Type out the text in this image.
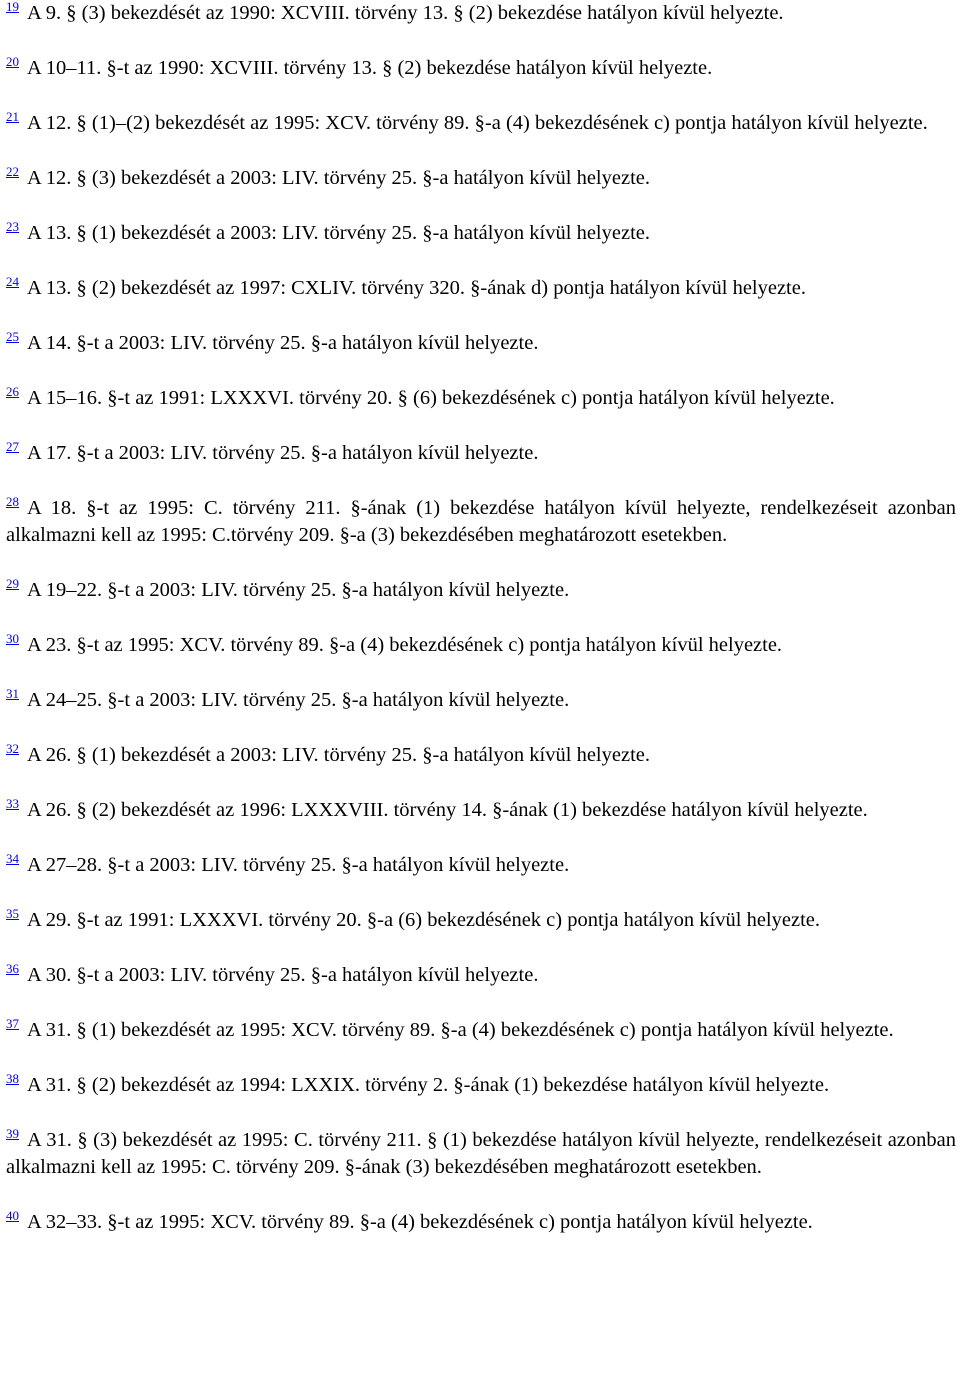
$^{19}$ A 9. § (3) bekezdését az 1990: XCVIII. törvény 13. § (2) bekezdése hatályon kívül helyezte.
$^{20}$ A 10–11. §-t az 1990: XCVIII. törvény 13. § (2) bekezdése hatályon kívül helyezte.
$^{21}$ A 12. § (1)–(2) bekezdését az 1995: XCV. törvény 89. §-a (4) bekezdésének c) pontja hatályon kívül helyezte.
$^{22}$ A 12. § (3) bekezdését a 2003: LIV. törvény 25. §-a hatályon kívül helyezte.
$^{23}$ A 13. § (1) bekezdését a 2003: LIV. törvény 25. §-a hatályon kívül helyezte.
$^{24}$ A 13. § (2) bekezdését az 1997: CXLIV. törvény 320. §-ának d) pontja hatályon kívül helyezte.
$^{25}$ A 14. §-t a 2003: LIV. törvény 25. §-a hatályon kívül helyezte.
$^{26}$ A 15–16. §-t az 1991: LXXXVI. törvény 20. § (6) bekezdésének c) pontja hatályon kívül helyezte.
$^{27}$ A 17. §-t a 2003: LIV. törvény 25. §-a hatályon kívül helyezte.
$^{28}$ A 18. §-t az 1995: C. törvény 211. §-ának (1) bekezdése hatályon kívül helyezte, rendelkezéseit azonban alkalmazni kell az 1995: C.törvény 209. §-a (3) bekezdésében meghatározott esetekben.
$^{29}$ A 19–22. §-t a 2003: LIV. törvény 25. §-a hatályon kívül helyezte.
$^{30}$ A 23. §-t az 1995: XCV. törvény 89. §-a (4) bekezdésének c) pontja hatályon kívül helyezte.
$^{31}$ A 24–25. §-t a 2003: LIV. törvény 25. §-a hatályon kívül helyezte.
$^{32}$ A 26. § (1) bekezdését a 2003: LIV. törvény 25. §-a hatályon kívül helyezte.
$^{33}$ A 26. § (2) bekezdését az 1996: LXXXVIII. törvény 14. §-ának (1) bekezdése hatályon kívül helyezte.
$^{34}$ A 27–28. §-t a 2003: LIV. törvény 25. §-a hatályon kívül helyezte.
$^{35}$ A 29. §-t az 1991: LXXXVI. törvény 20. §-a (6) bekezdésének c) pontja hatályon kívül helyezte.
$^{36}$ A 30. §-t a 2003: LIV. törvény 25. §-a hatályon kívül helyezte.
$^{37}$ A 31. § (1) bekezdését az 1995: XCV. törvény 89. §-a (4) bekezdésének c) pontja hatályon kívül helyezte.
$^{38}$ A 31. § (2) bekezdését az 1994: LXXIX. törvény 2. §-ának (1) bekezdése hatályon kívül helyezte.
$^{39}$ A 31. § (3) bekezdését az 1995: C. törvény 211. § (1) bekezdése hatályon kívül helyezte, rendelkezéseit azonban alkalmazni kell az 1995: C. törvény 209. §-ának (3) bekezdésében meghatározott esetekben.
$^{40}$ A 32–33. §-t az 1995: XCV. törvény 89. §-a (4) bekezdésének c) pontja hatályon kívül helyezte.
